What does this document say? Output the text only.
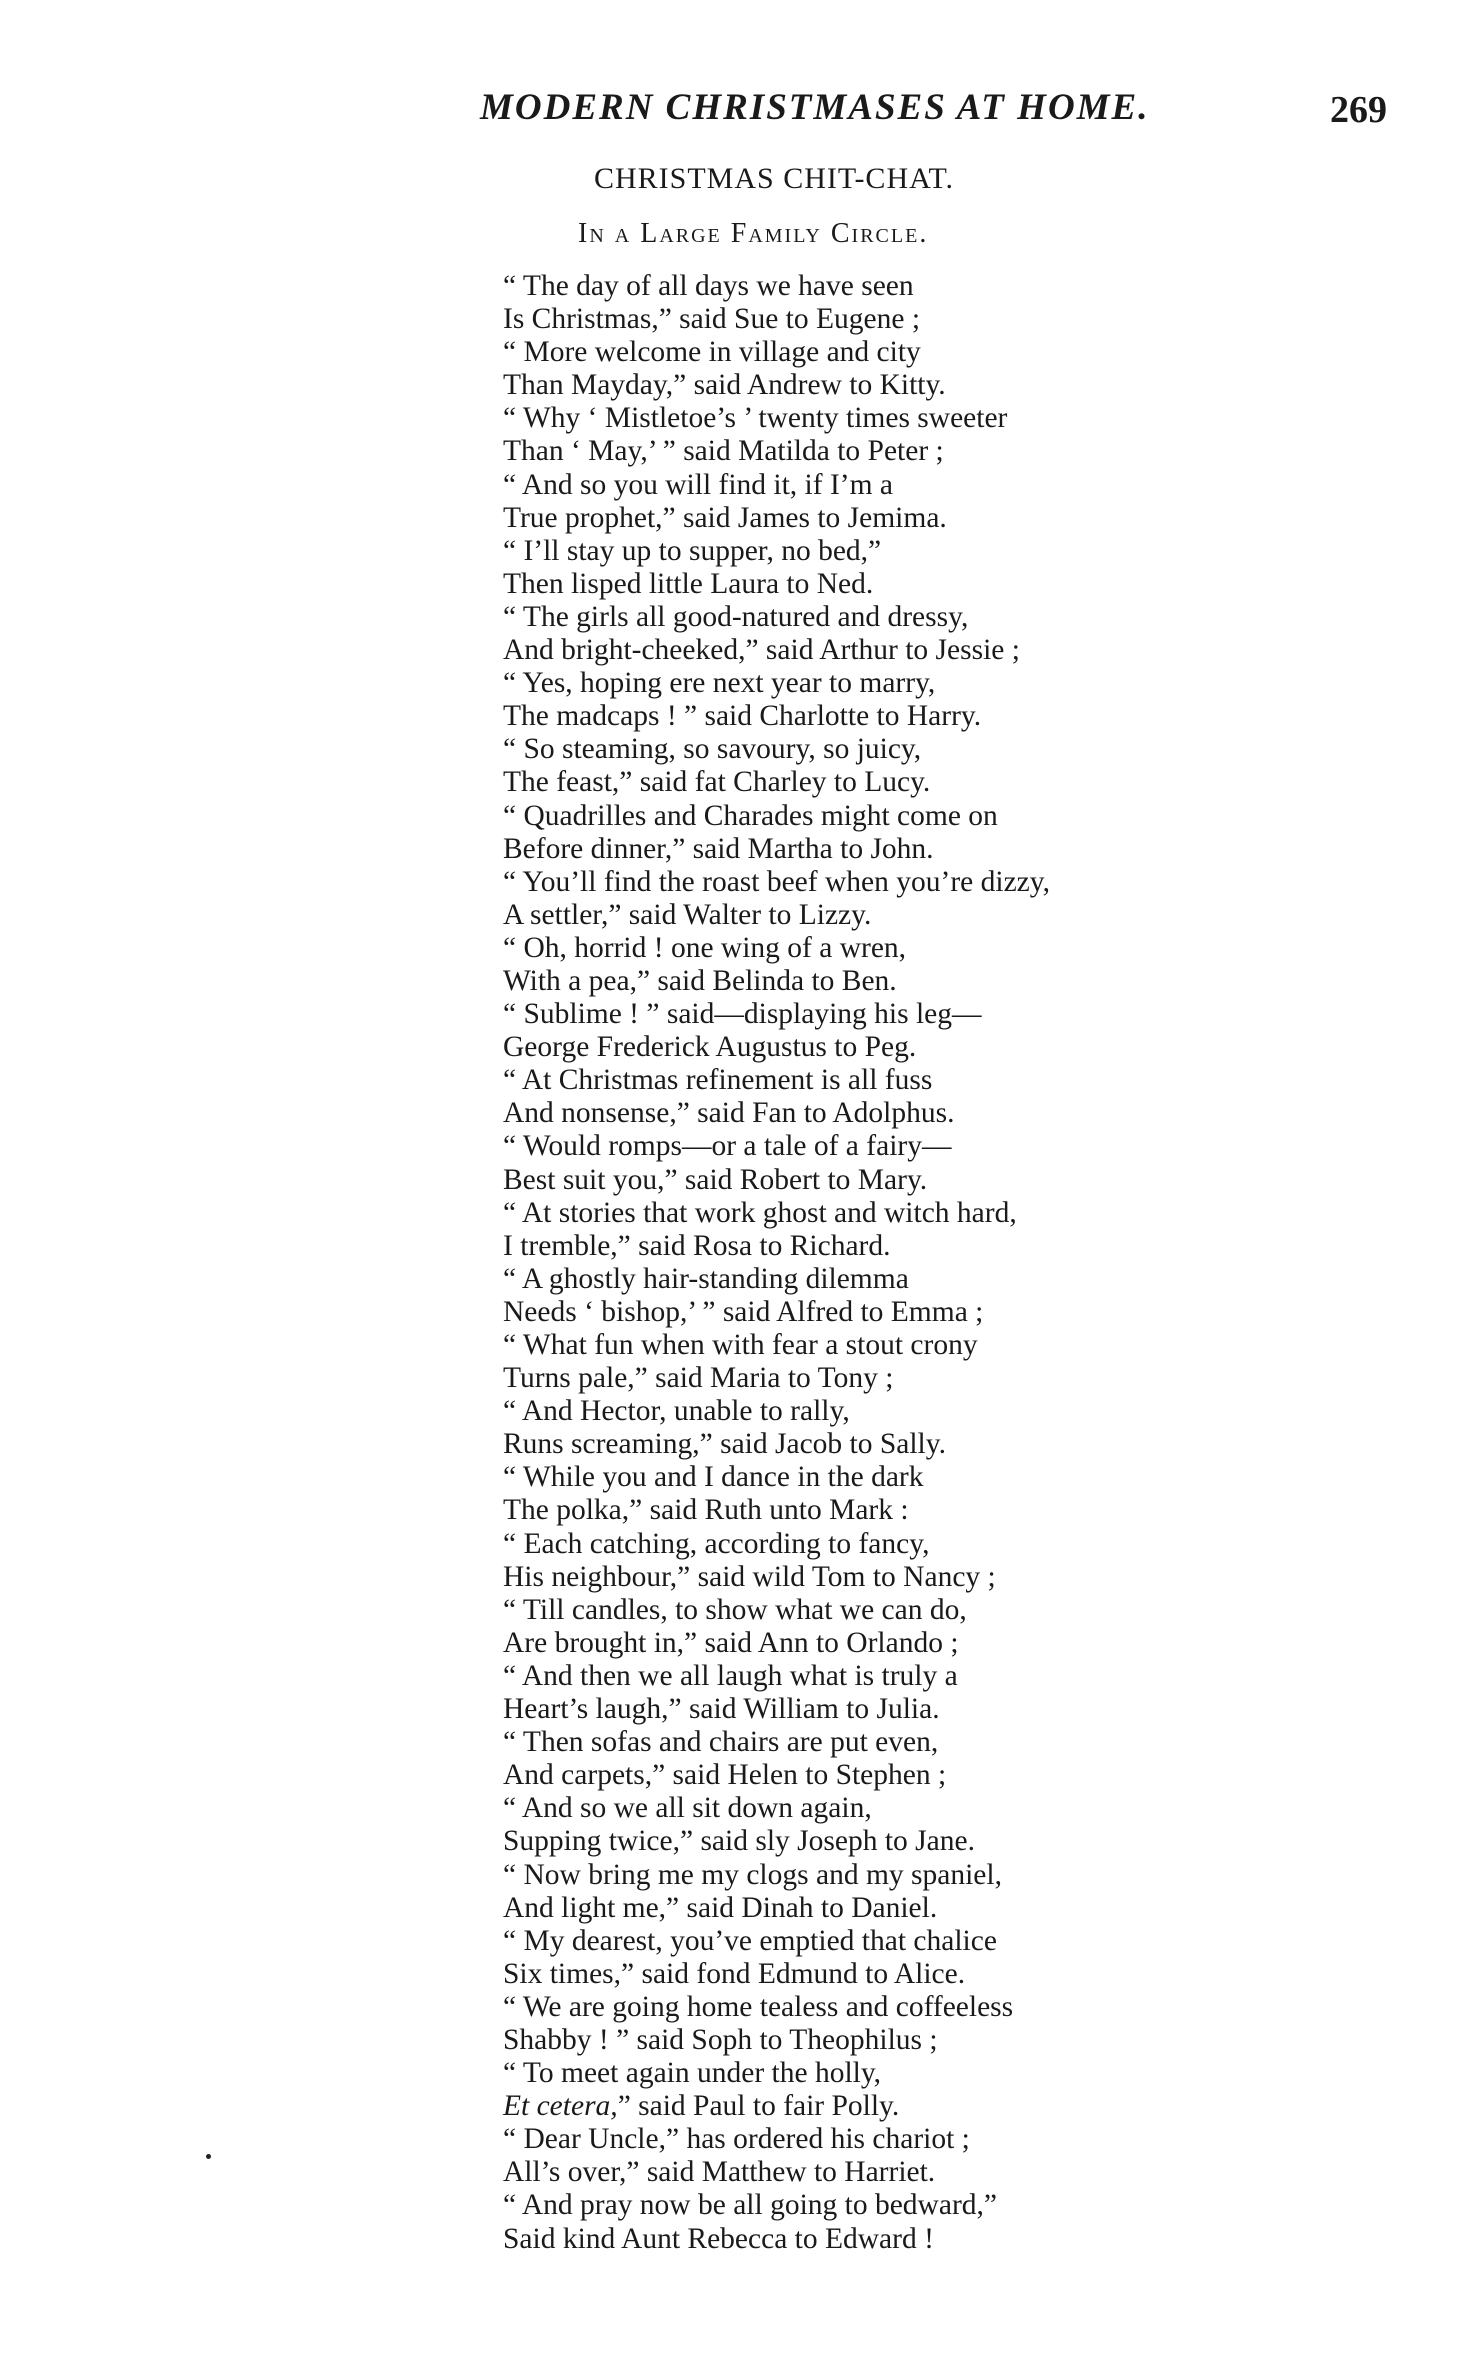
MODERN CHRISTMASES AT HOME.	269
CHRISTMAS CHIT-CHAT.
In a Large Family Circle.
“ The day of all days we have seen
Is Christmas,” said Sue to Eugene ;
“ More welcome in village and city
Than Mayday,” said Andrew to Kitty.
“ Why ‘ Mistletoe’s ’ twenty times sweeter
Than ‘ May,’ ” said Matilda to Peter ;
“ And so you will find it, if I’m a
True prophet,” said James to Jemima.
“ I’ll stay up to supper, no bed,”
Then lisped little Laura to Ned.
“ The girls all good-natured and dressy,
And bright-cheeked,” said Arthur to Jessie ;
“ Yes, hoping ere next year to marry,
The madcaps ! ” said Charlotte to Harry.
“ So steaming, so savoury, so juicy,
The feast,” said fat Charley to Lucy.
“ Quadrilles and Charades might come on
Before dinner,” said Martha to John.
“ You’ll find the roast beef when you’re dizzy,
A settler,” said Walter to Lizzy.
“ Oh, horrid ! one wing of a wren,
With a pea,” said Belinda to Ben.
“ Sublime ! ” said—displaying his leg—
George Frederick Augustus to Peg.
“ At Christmas refinement is all fuss
And nonsense,” said Fan to Adolphus.
“ Would romps—or a tale of a fairy—
Best suit you,” said Robert to Mary.
“ At stories that work ghost and witch hard,
I tremble,” said Rosa to Richard.
“ A ghostly hair-standing dilemma
Needs ‘ bishop,’ ” said Alfred to Emma ;
“ What fun when with fear a stout crony
Turns pale,” said Maria to Tony ;
“ And Hector, unable to rally,
Runs screaming,” said Jacob to Sally.
“ While you and I dance in the dark
The polka,” said Ruth unto Mark :
“ Each catching, according to fancy,
His neighbour,” said wild Tom to Nancy ;
“ Till candles, to show what we can do,
Are brought in,” said Ann to Orlando ;
“ And then we all laugh what is truly a
Heart’s laugh,” said William to Julia.
“ Then sofas and chairs are put even,
And carpets,” said Helen to Stephen ;
“ And so we all sit down again,
Supping twice,” said sly Joseph to Jane.
“ Now bring me my clogs and my spaniel,
And light me,” said Dinah to Daniel.
“ My dearest, you’ve emptied that chalice
Six times,” said fond Edmund to Alice.
“ We are going home tealess and coffeeless
Shabby ! ” said Soph to Theophilus ;
“ To meet again under the holly,
Et cetera,” said Paul to fair Polly.
“ Dear Uncle,” has ordered his chariot ;
All’s over,” said Matthew to Harriet.
“ And pray now be all going to bedward,”
Said kind Aunt Rebecca to Edward !
